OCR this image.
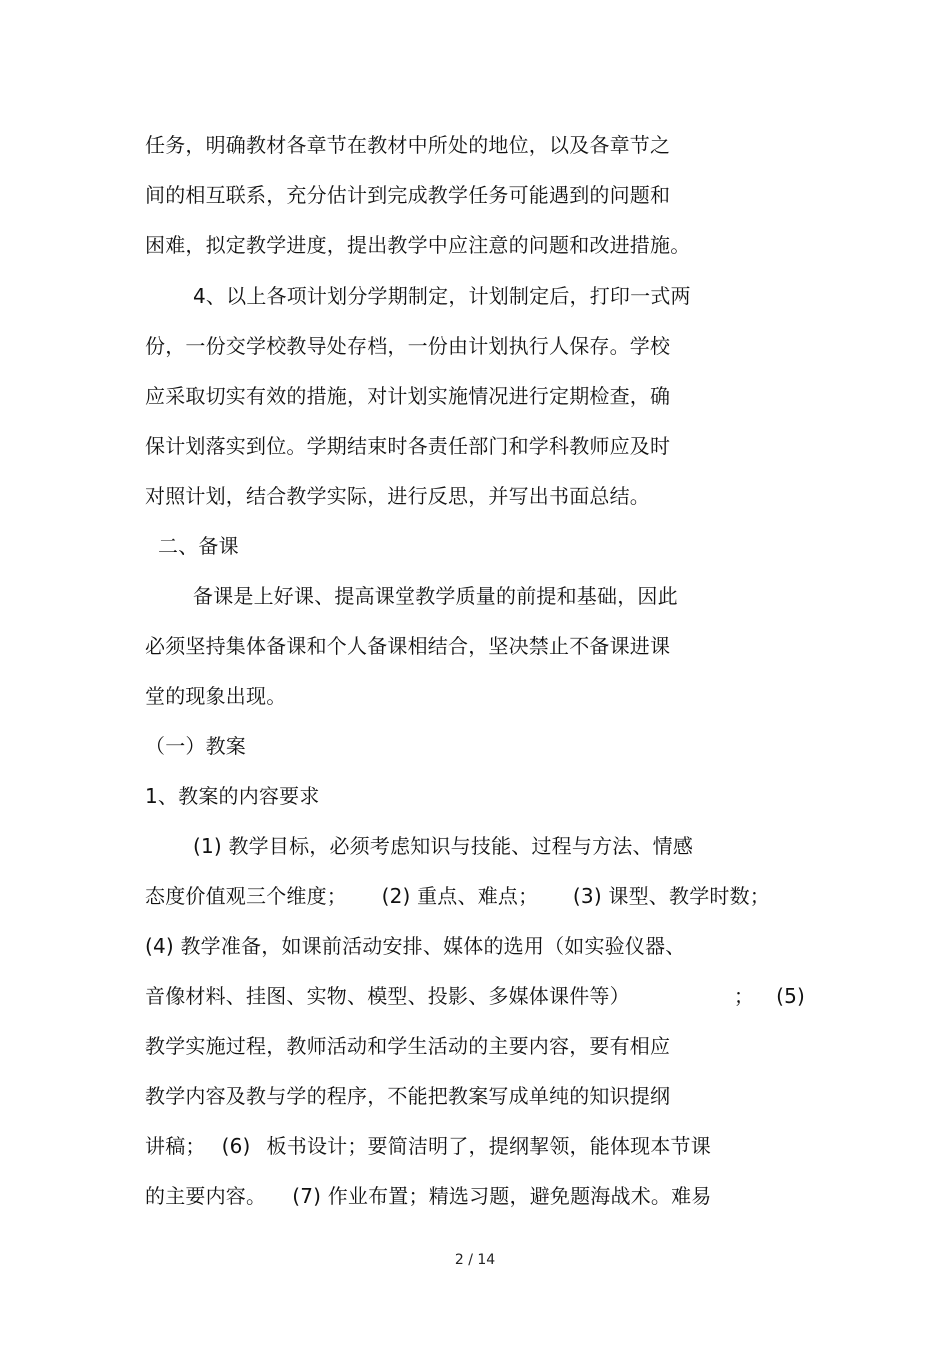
任务，明确教材各章节在教材中所处的地位，以及各章节之
间的相互联系，充分估计到完成教学任务可能遇到的问题和
困难，拟定教学进度，提出教学中应注意的问题和改进措施。
4、以上各项计划分学期制定，计划制定后，打印一式两
份，一份交学校教导处存档，一份由计划执行人保存。学校
应采取切实有效的措施，对计划实施情况进行定期检查，确
保计划落实到位。学期结束时各责任部门和学科教师应及时
对照计划，结合教学实际，进行反思，并写出书面总结。
二、备课
备课是上好课、提高课堂教学质量的前提和基础，因此
必须坚持集体备课和个人备课相结合，坚决禁止不备课进课
堂的现象出现。
（一）教案
1、教案的内容要求
(1) 教学目标，必须考虑知识与技能、过程与方法、情感
态度价值观三个维度； (2) 重点、难点； (3) 课型、教学时数；
(4) 教学准备，如课前活动安排、媒体的选用（如实验仪器、
音像材料、挂图、实物、模型、投影、多媒体课件等）	； (5)
教学实施过程，教师活动和学生活动的主要内容，要有相应
教学内容及教与学的程序，不能把教案写成单纯的知识提纲
讲稿； (6) 板书设计；要简洁明了，提纲挈领，能体现本节课
的主要内容。 (7) 作业布置；精选习题，避免题海战术。难易
2 / 14
